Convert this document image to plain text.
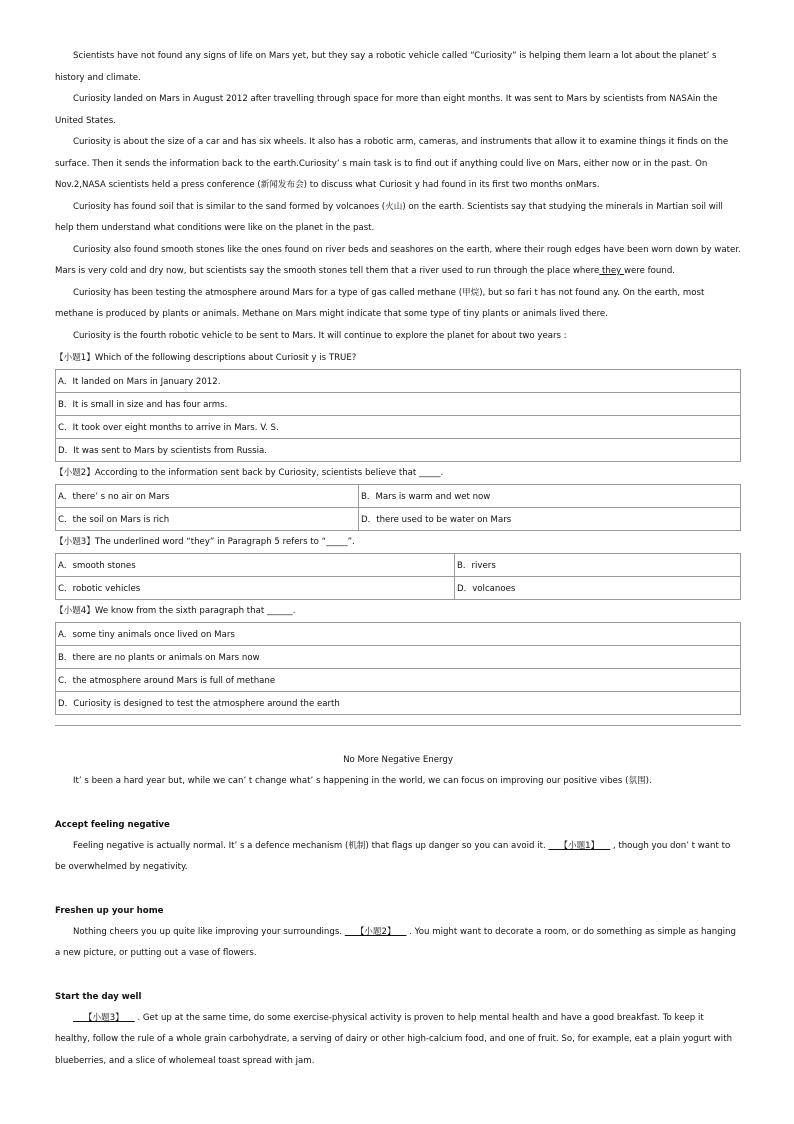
Scientists have not found any signs of life on Mars yet, but they say a robotic vehicle called “Curiosity” is helping them learn a lot about the planet’ s history and climate.

Curiosity landed on Mars in August 2012 after travelling through space for more than eight months. It was sent to Mars by scientists from NASAin the United States.

Curiosity is about the size of a car and has six wheels. It also has a robotic arm, cameras, and instruments that allow it to examine things it finds on the surface. Then it sends the information back to the earth.Curiosity’ s main task is to find out if anything could live on Mars, either now or in the past. On Nov.2,NASA scientists held a press conference (新闻发布会) to discuss what Curiosit y had found in its first two months onMars.

Curiosity has found soil that is similar to the sand formed by volcanoes (火山) on the earth. Scientists say that studying the minerals in Martian soil will help them understand what conditions were like on the planet in the past.

Curiosity also found smooth stones like the ones found on river beds and seashores on the earth, where their rough edges have been worn down by water. Mars is very cold and dry now, but scientists say the smooth stones tell them that a river used to run through the place where they were found.

Curiosity has been testing the atmosphere around Mars for a type of gas called methane (甲烷), but so fari t has not found any. On the earth, most methane is produced by plants or animals. Methane on Mars might indicate that some type of tiny plants or animals lived there.

Curiosity is the fourth robotic vehicle to be sent to Mars. It will continue to explore the planet for about two years :

【小题1】Which of the following descriptions about Curiosit y is TRUE?

A．It landed on Mars in January 2012.
B．It is small in size and has four arms.
C．It took over eight months to arrive in Mars. V. S.
D．It was sent to Mars by scientists from Russia.

【小题2】According to the information sent back by Curiosity, scientists believe that _____.

A．there’ s no air on Mars	B．Mars is warm and wet now
C．the soil on Mars is rich	D．there used to be water on Mars

【小题3】The underlined word “they” in Paragraph 5 refers to “_____”.

A．smooth stones	B．rivers
C．robotic vehicles	D．volcanoes

【小题4】We know from the sixth paragraph that ______.

A．some tiny animals once lived on Mars
B．there are no plants or animals on Mars now
C．the atmosphere around Mars is full of methane
D．Curiosity is designed to test the atmosphere around the earth
No More Negative Energy

It’ s been a hard year but, while we can’ t change what’ s happening in the world, we can focus on improving our positive vibes (氛围).

Accept feeling negative

Feeling negative is actually normal. It’ s a defence mechanism (机制) that flags up danger so you can avoid it.     【小题1】     , though you don’ t want to be overwhelmed by negativity.

Freshen up your home

Nothing cheers you up quite like improving your surroundings.     【小题2】     . You might want to decorate a room, or do something as simple as hanging a new picture, or putting out a vase of flowers.

Start the day well

【小题3】     . Get up at the same time, do some exercise-physical activity is proven to help mental health and have a good breakfast. To keep it healthy, follow the rule of a whole grain carbohydrate, a serving of dairy or other high-calcium food, and one of fruit. So, for example, eat a plain yogurt with blueberries, and a slice of wholemeal toast spread with jam.
